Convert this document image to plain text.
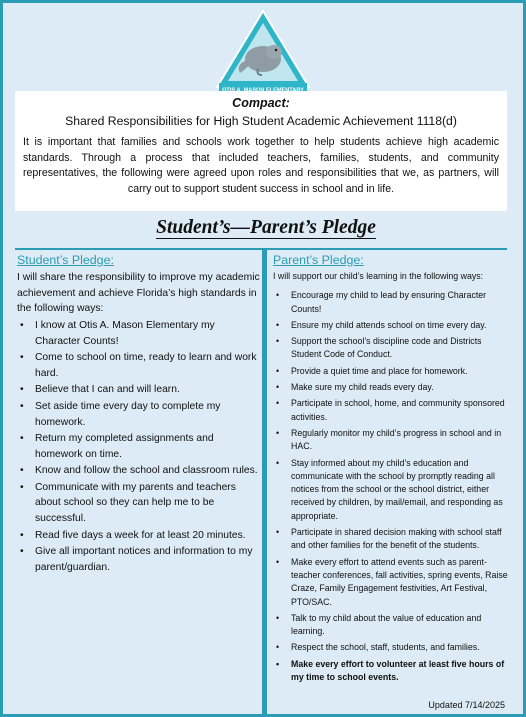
Compact:
Shared Responsibilities for High Student Academic Achievement 1118(d)
It is important that families and schools work together to help students achieve high academic standards. Through a process that included teachers, families, students, and community representatives, the following were agreed upon roles and responsibilities that we, as partners, will carry out to support student success in school and in life.
Student’s—Parent’s Pledge
Student’s Pledge:
I will share the responsibility to improve my academic achievement and achieve Florida’s high standards in the following ways:
• I know at Otis A. Mason Elementary my Character Counts!
• Come to school on time, ready to learn and work hard.
• Believe that I can and will learn.
• Set aside time every day to complete my homework.
• Return my completed assignments and homework on time.
• Know and follow the school and classroom rules.
• Communicate with my parents and teachers about school so they can help me to be successful.
• Read five days a week for at least 20 minutes.
• Give all important notices and information to my parent/guardian.
Parent’s Pledge:
I will support our child’s learning in the following ways:
• Encourage my child to lead by ensuring Character Counts!
• Ensure my child attends school on time every day.
• Support the school’s discipline code and Districts Student Code of Conduct.
• Provide a quiet time and place for homework.
• Make sure my child reads every day.
• Participate in school, home, and community sponsored activities.
• Regularly monitor my child’s progress in school and in HAC.
• Stay informed about my child’s education and communicate with the school by promptly reading all notices from the school or the school district, either received by children, by mail/email, and responding as appropriate.
• Participate in shared decision making with school staff and other families for the benefit of the students.
• Make every effort to attend events such as parent-teacher conferences, fall activities, spring events, Raise Craze, Family Engagement festivities, Art Festival, PTO/SAC.
• Talk to my child about the value of education and learning.
• Respect the school, staff, students, and families.
• Make every effort to volunteer at least five hours of my time to school events.
Updated 7/14/2025
